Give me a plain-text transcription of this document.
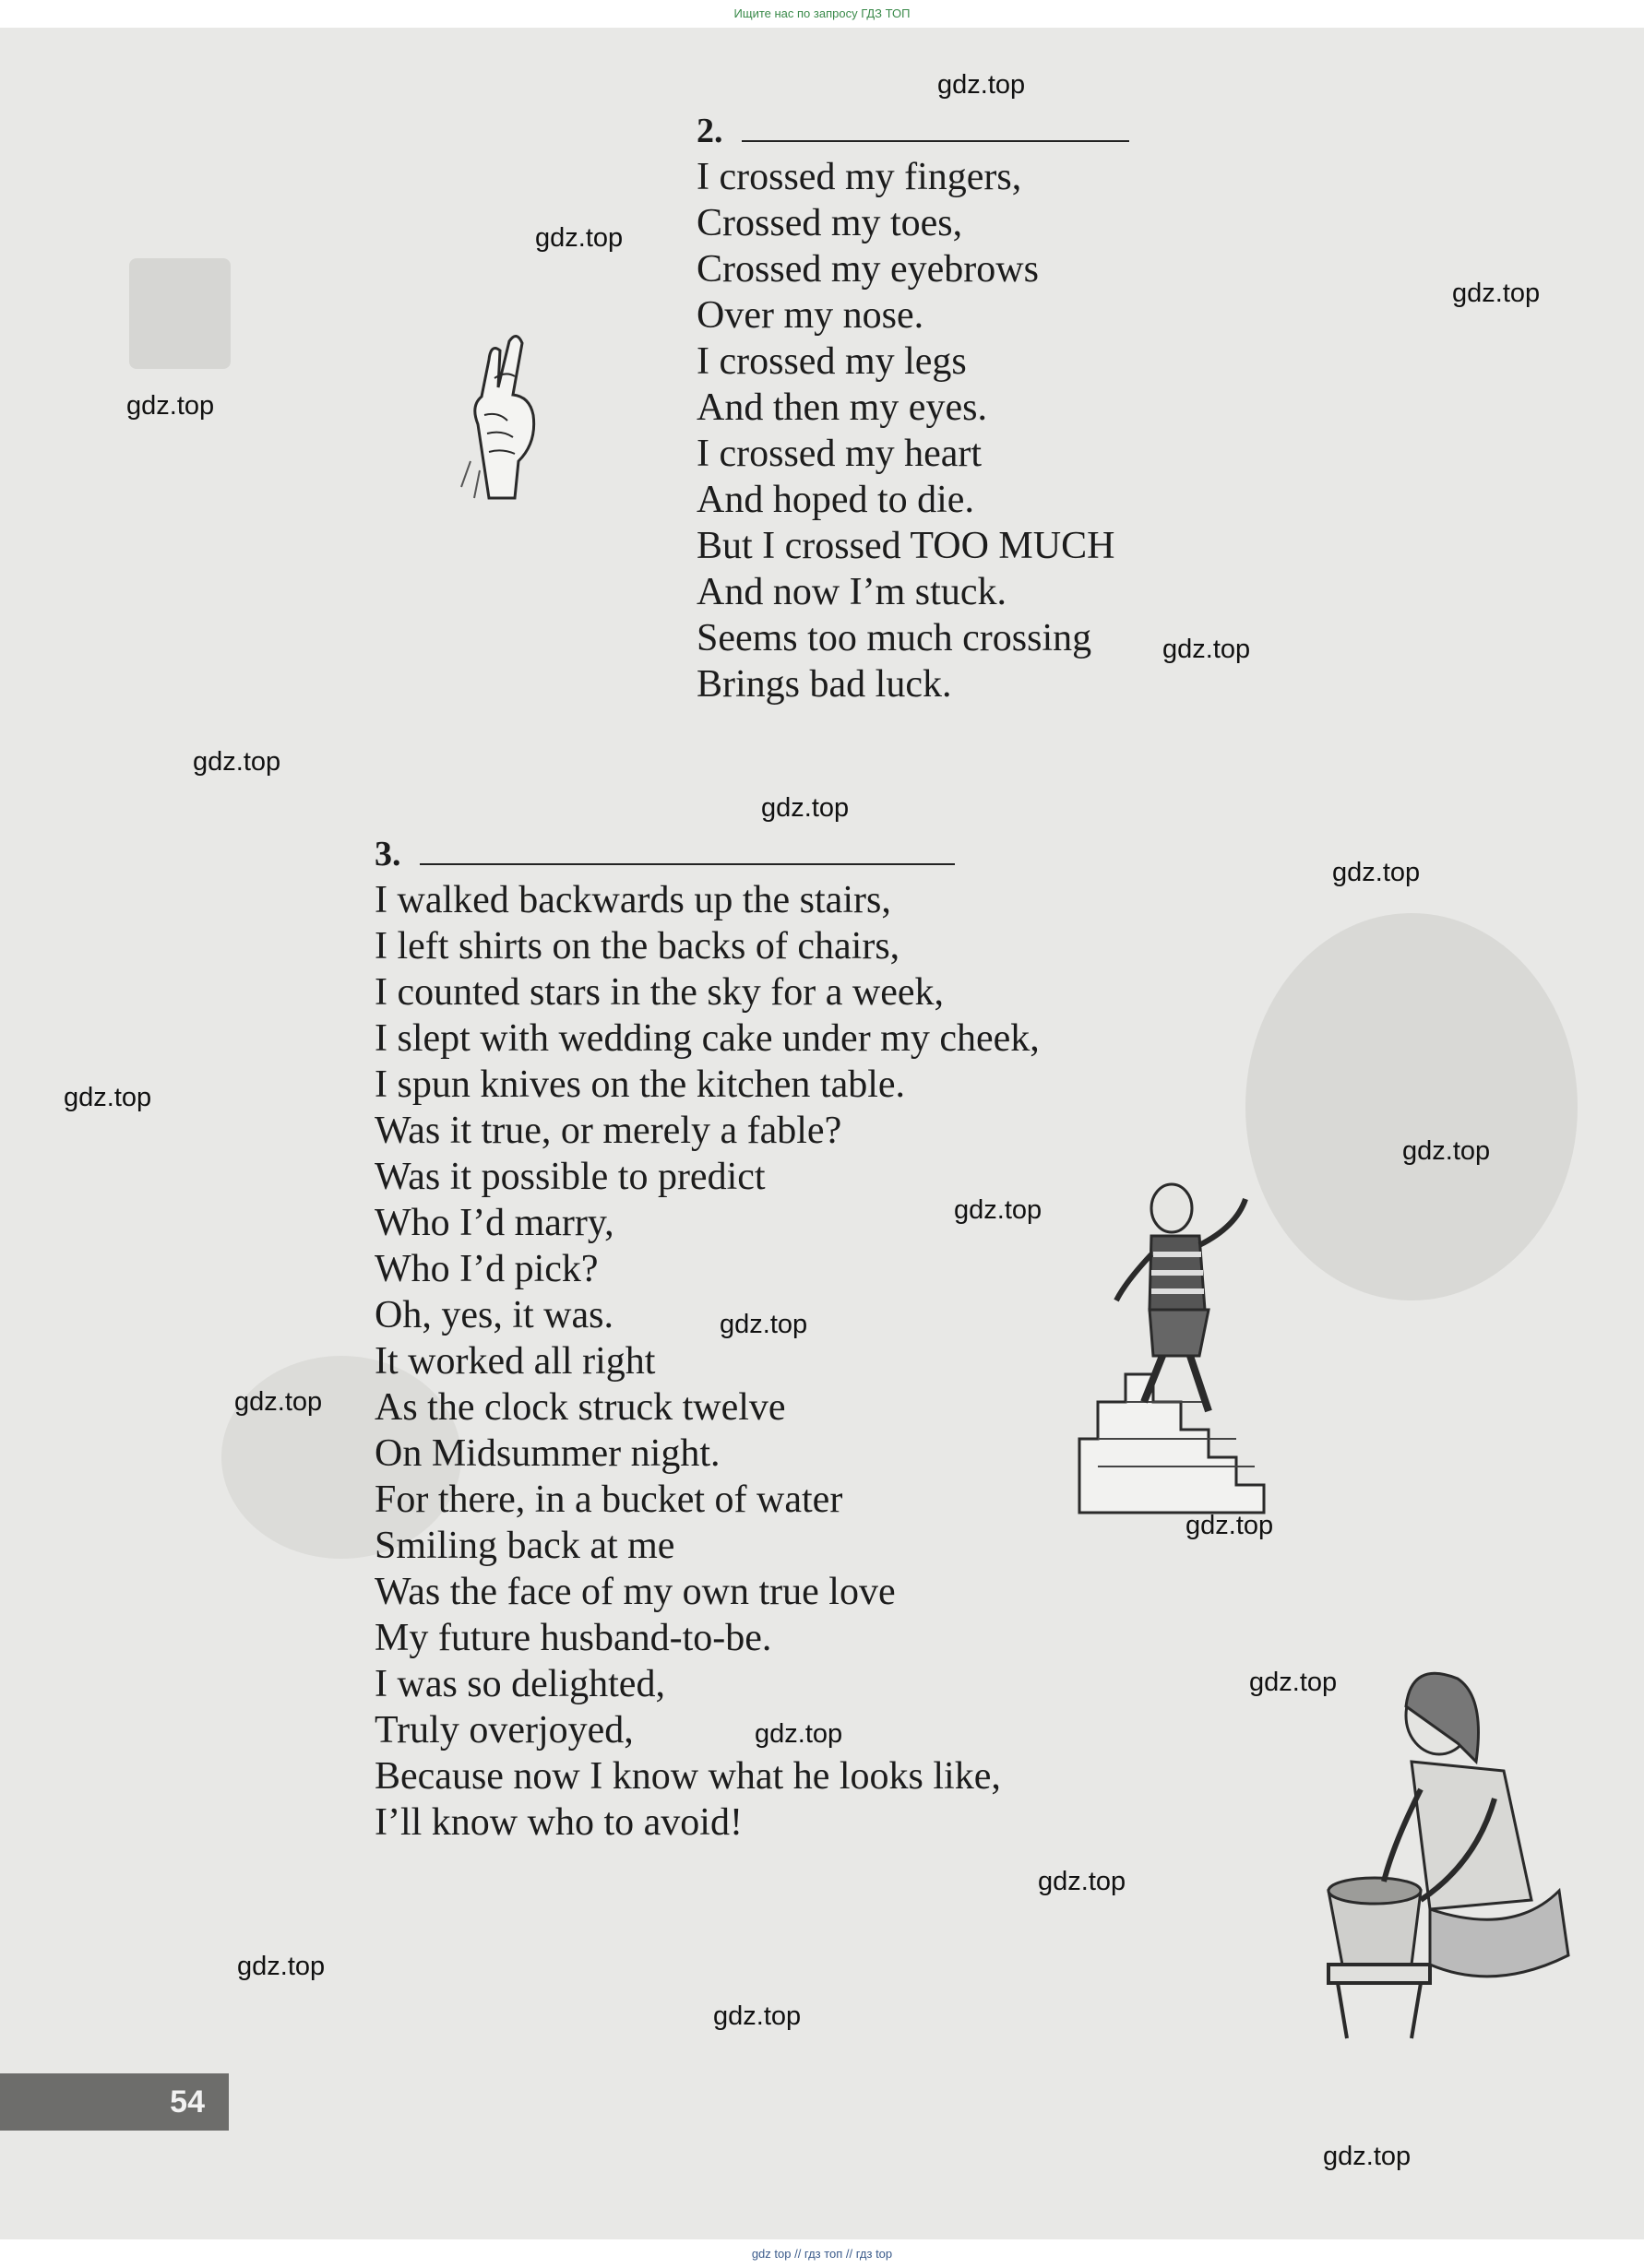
Ищите нас по запросу ГДЗ ТОП
2.
I crossed my fingers,
Crossed my toes,
Crossed my eyebrows
Over my nose.
I crossed my legs
And then my eyes.
I crossed my heart
And hoped to die.
But I crossed TOO MUCH
And now I’m stuck.
Seems too much crossing
Brings bad luck.
3.
I walked backwards up the stairs,
I left shirts on the backs of chairs,
I counted stars in the sky for a week,
I slept with wedding cake under my cheek,
I spun knives on the kitchen table.
Was it true, or merely a fable?
Was it possible to predict
Who I’d marry,
Who I’d pick?
Oh, yes, it was.
It worked all right
As the clock struck twelve
On Midsummer night.
For there, in a bucket of water
Smiling back at me
Was the face of my own true love
My future husband-to-be.
I was so delighted,
Truly overjoyed,
Because now I know what he looks like,
I’ll know who to avoid!
54
gdz.top
gdz.top
gdz.top
gdz.top
gdz.top
gdz.top
gdz.top
gdz.top
gdz.top
gdz.top
gdz.top
gdz.top
gdz.top
gdz.top
gdz.top
gdz.top
gdz.top
gdz.top
gdz.top
gdz.top
gdz top // гдз топ // гдз top
